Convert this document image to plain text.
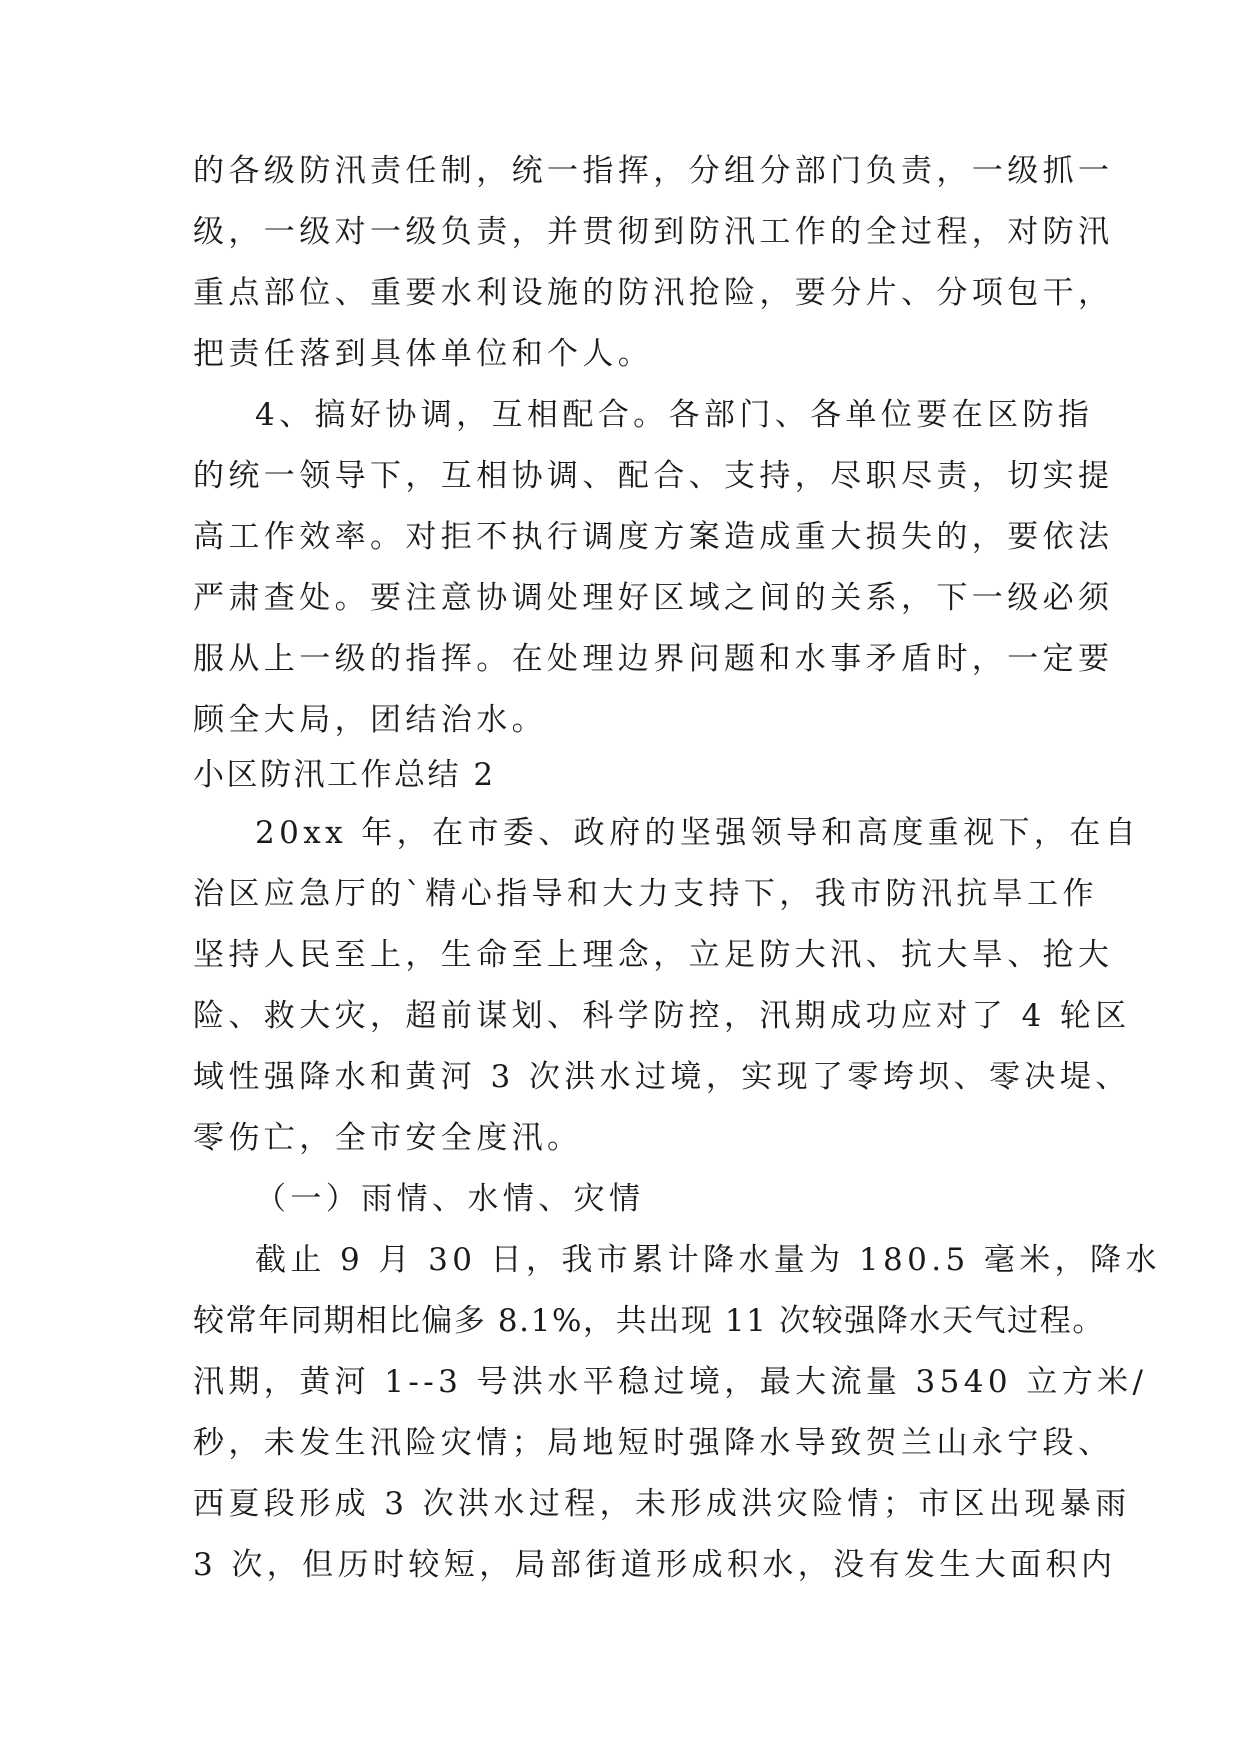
的各级防汛责任制，统一指挥，分组分部门负责，一级抓一
级，一级对一级负责，并贯彻到防汛工作的全过程，对防汛
重点部位、重要水利设施的防汛抢险，要分片、分项包干，
把责任落到具体单位和个人。
4、搞好协调，互相配合。各部门、各单位要在区防指
的统一领导下，互相协调、配合、支持，尽职尽责，切实提
高工作效率。对拒不执行调度方案造成重大损失的，要依法
严肃查处。要注意协调处理好区域之间的关系，下一级必须
服从上一级的指挥。在处理边界问题和水事矛盾时，一定要
顾全大局，团结治水。
小区防汛工作总结 2
20xx 年，在市委、政府的坚强领导和高度重视下，在自
治区应急厅的`精心指导和大力支持下，我市防汛抗旱工作
坚持人民至上，生命至上理念，立足防大汛、抗大旱、抢大
险、救大灾，超前谋划、科学防控，汛期成功应对了 4 轮区
域性强降水和黄河 3 次洪水过境，实现了零垮坝、零决堤、
零伤亡，全市安全度汛。
（一）雨情、水情、灾情
截止 9 月 30 日，我市累计降水量为 180.5 毫米，降水
较常年同期相比偏多 8.1%，共出现 11 次较强降水天气过程。
汛期，黄河 1--3 号洪水平稳过境，最大流量 3540 立方米/
秒，未发生汛险灾情；局地短时强降水导致贺兰山永宁段、
西夏段形成 3 次洪水过程，未形成洪灾险情；市区出现暴雨
3 次，但历时较短，局部街道形成积水，没有发生大面积内
